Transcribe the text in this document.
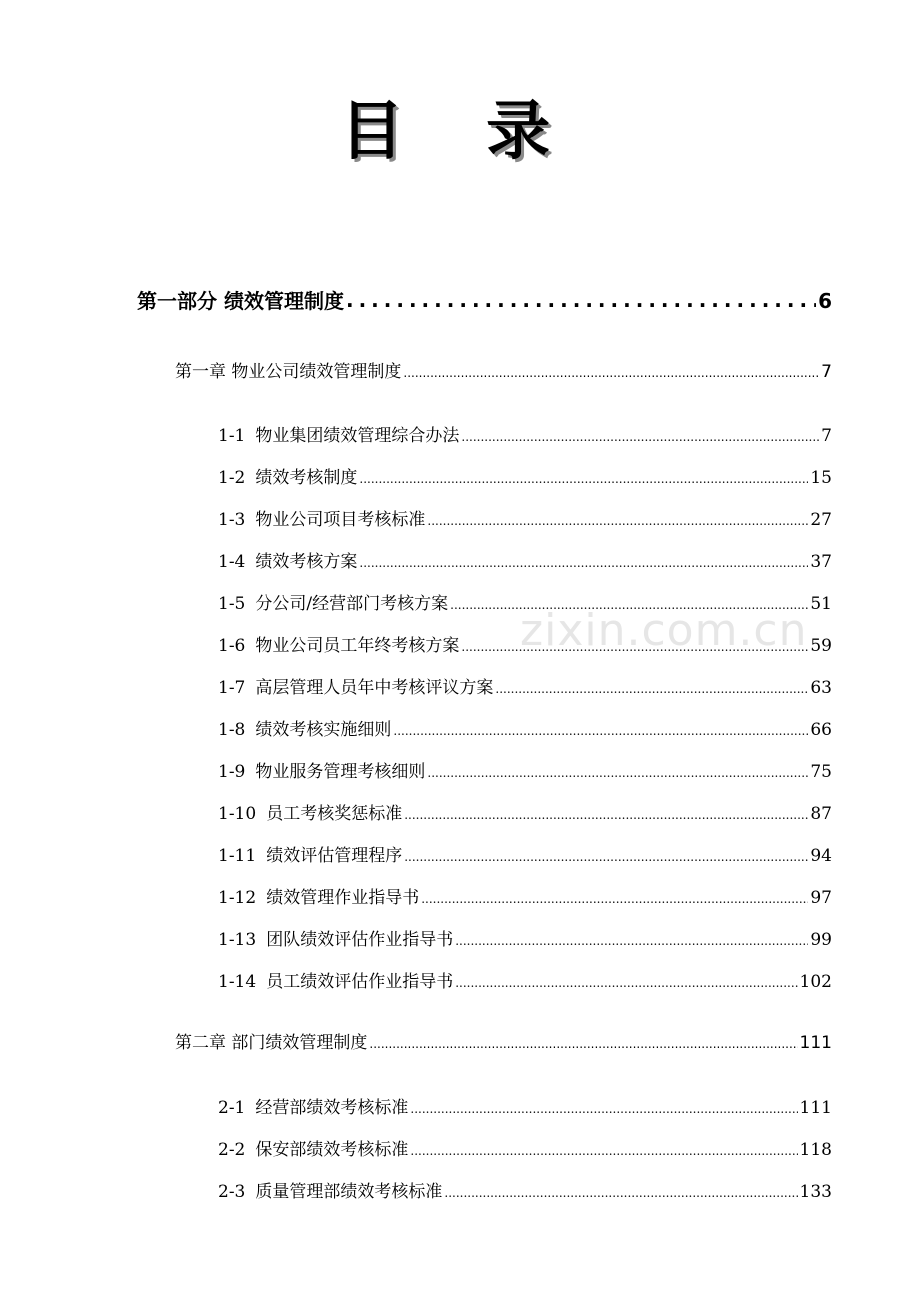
目 录
zixin.com.cn
第一部分 绩效管理制度 .....	6
第一章 物业公司绩效管理制度 .....	7
1-1 物业集团绩效管理综合办法 .....	7
1-2 绩效考核制度 .....	15
1-3 物业公司项目考核标准 .....	27
1-4 绩效考核方案 .....	37
1-5 分公司/经营部门考核方案 .....	51
1-6 物业公司员工年终考核方案 .....	59
1-7 高层管理人员年中考核评议方案 .....	63
1-8 绩效考核实施细则 .....	66
1-9 物业服务管理考核细则 .....	75
1-10 员工考核奖惩标准 .....	87
1-11 绩效评估管理程序 .....	94
1-12 绩效管理作业指导书 .....	97
1-13 团队绩效评估作业指导书 .....	99
1-14 员工绩效评估作业指导书 .....	102
第二章 部门绩效管理制度 .....	111
2-1 经营部绩效考核标准 .....	111
2-2 保安部绩效考核标准 .....	118
2-3 质量管理部绩效考核标准 .....	133
